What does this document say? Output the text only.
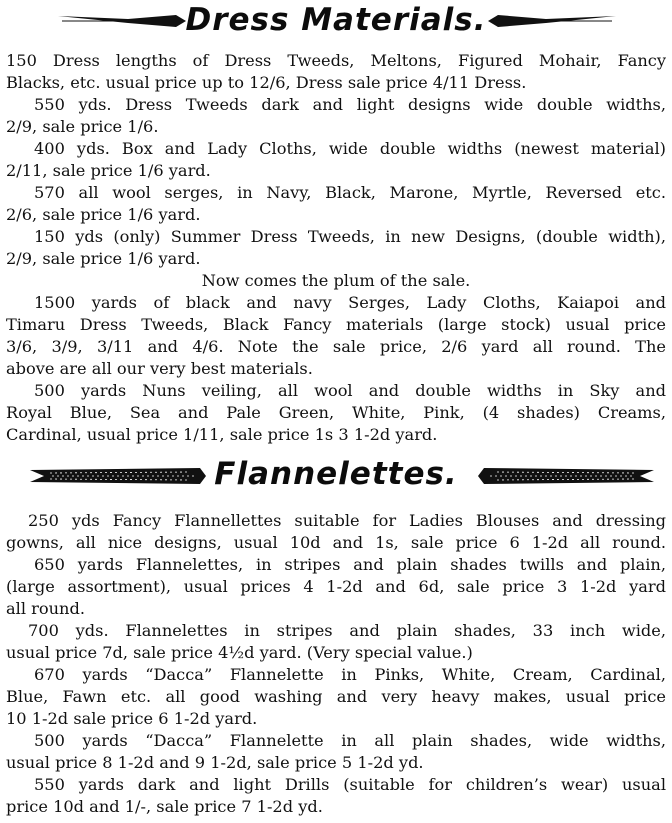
Dress Materials.
150 Dress lengths of Dress Tweeds, Meltons, Figured Mohair, Fancy
Blacks, etc. usual price up to 12/6, Dress sale price 4/11 Dress.
550 yds. Dress Tweeds dark and light designs wide double widths,
2/9, sale price 1/6.
400 yds. Box and Lady Cloths, wide double widths (newest material)
2/11, sale price 1/6 yard.
570 all wool serges, in Navy, Black, Marone, Myrtle, Reversed etc.
2/6, sale price 1/6 yard.
150 yds (only) Summer Dress Tweeds, in new Designs, (double width),
2/9, sale price 1/6 yard.
Now comes the plum of the sale.
1500 yards of black and navy Serges, Lady Cloths, Kaiapoi and
Timaru Dress Tweeds, Black Fancy materials (large stock) usual price
3/6, 3/9, 3/11 and 4/6. Note the sale price, 2/6 yard all round. The
above are all our very best materials.
500 yards Nuns veiling, all wool and double widths in Sky and
Royal Blue, Sea and Pale Green, White, Pink, (4 shades) Creams,
Cardinal, usual price 1/11, sale price 1s 3 1-2d yard.
Flannelettes.
250 yds Fancy Flannellettes suitable for Ladies Blouses and dressing
gowns, all nice designs, usual 10d and 1s, sale price 6 1-2d all round.
650 yards Flannelettes, in stripes and plain shades twills and plain,
(large assortment), usual prices 4 1-2d and 6d, sale price 3 1-2d yard
all round.
700 yds. Flannelettes in stripes and plain shades, 33 inch wide,
usual price 7d, sale price 4½d yard. (Very special value.)
670 yards “Dacca” Flannelette in Pinks, White, Cream, Cardinal,
Blue, Fawn etc. all good washing and very heavy makes, usual price
10 1-2d sale price 6 1-2d yard.
500 yards “Dacca” Flannelette in all plain shades, wide widths,
usual price 8 1-2d and 9 1-2d, sale price 5 1-2d yd.
550 yards dark and light Drills (suitable for children’s wear) usual
price 10d and 1/-, sale price 7 1-2d yd.
